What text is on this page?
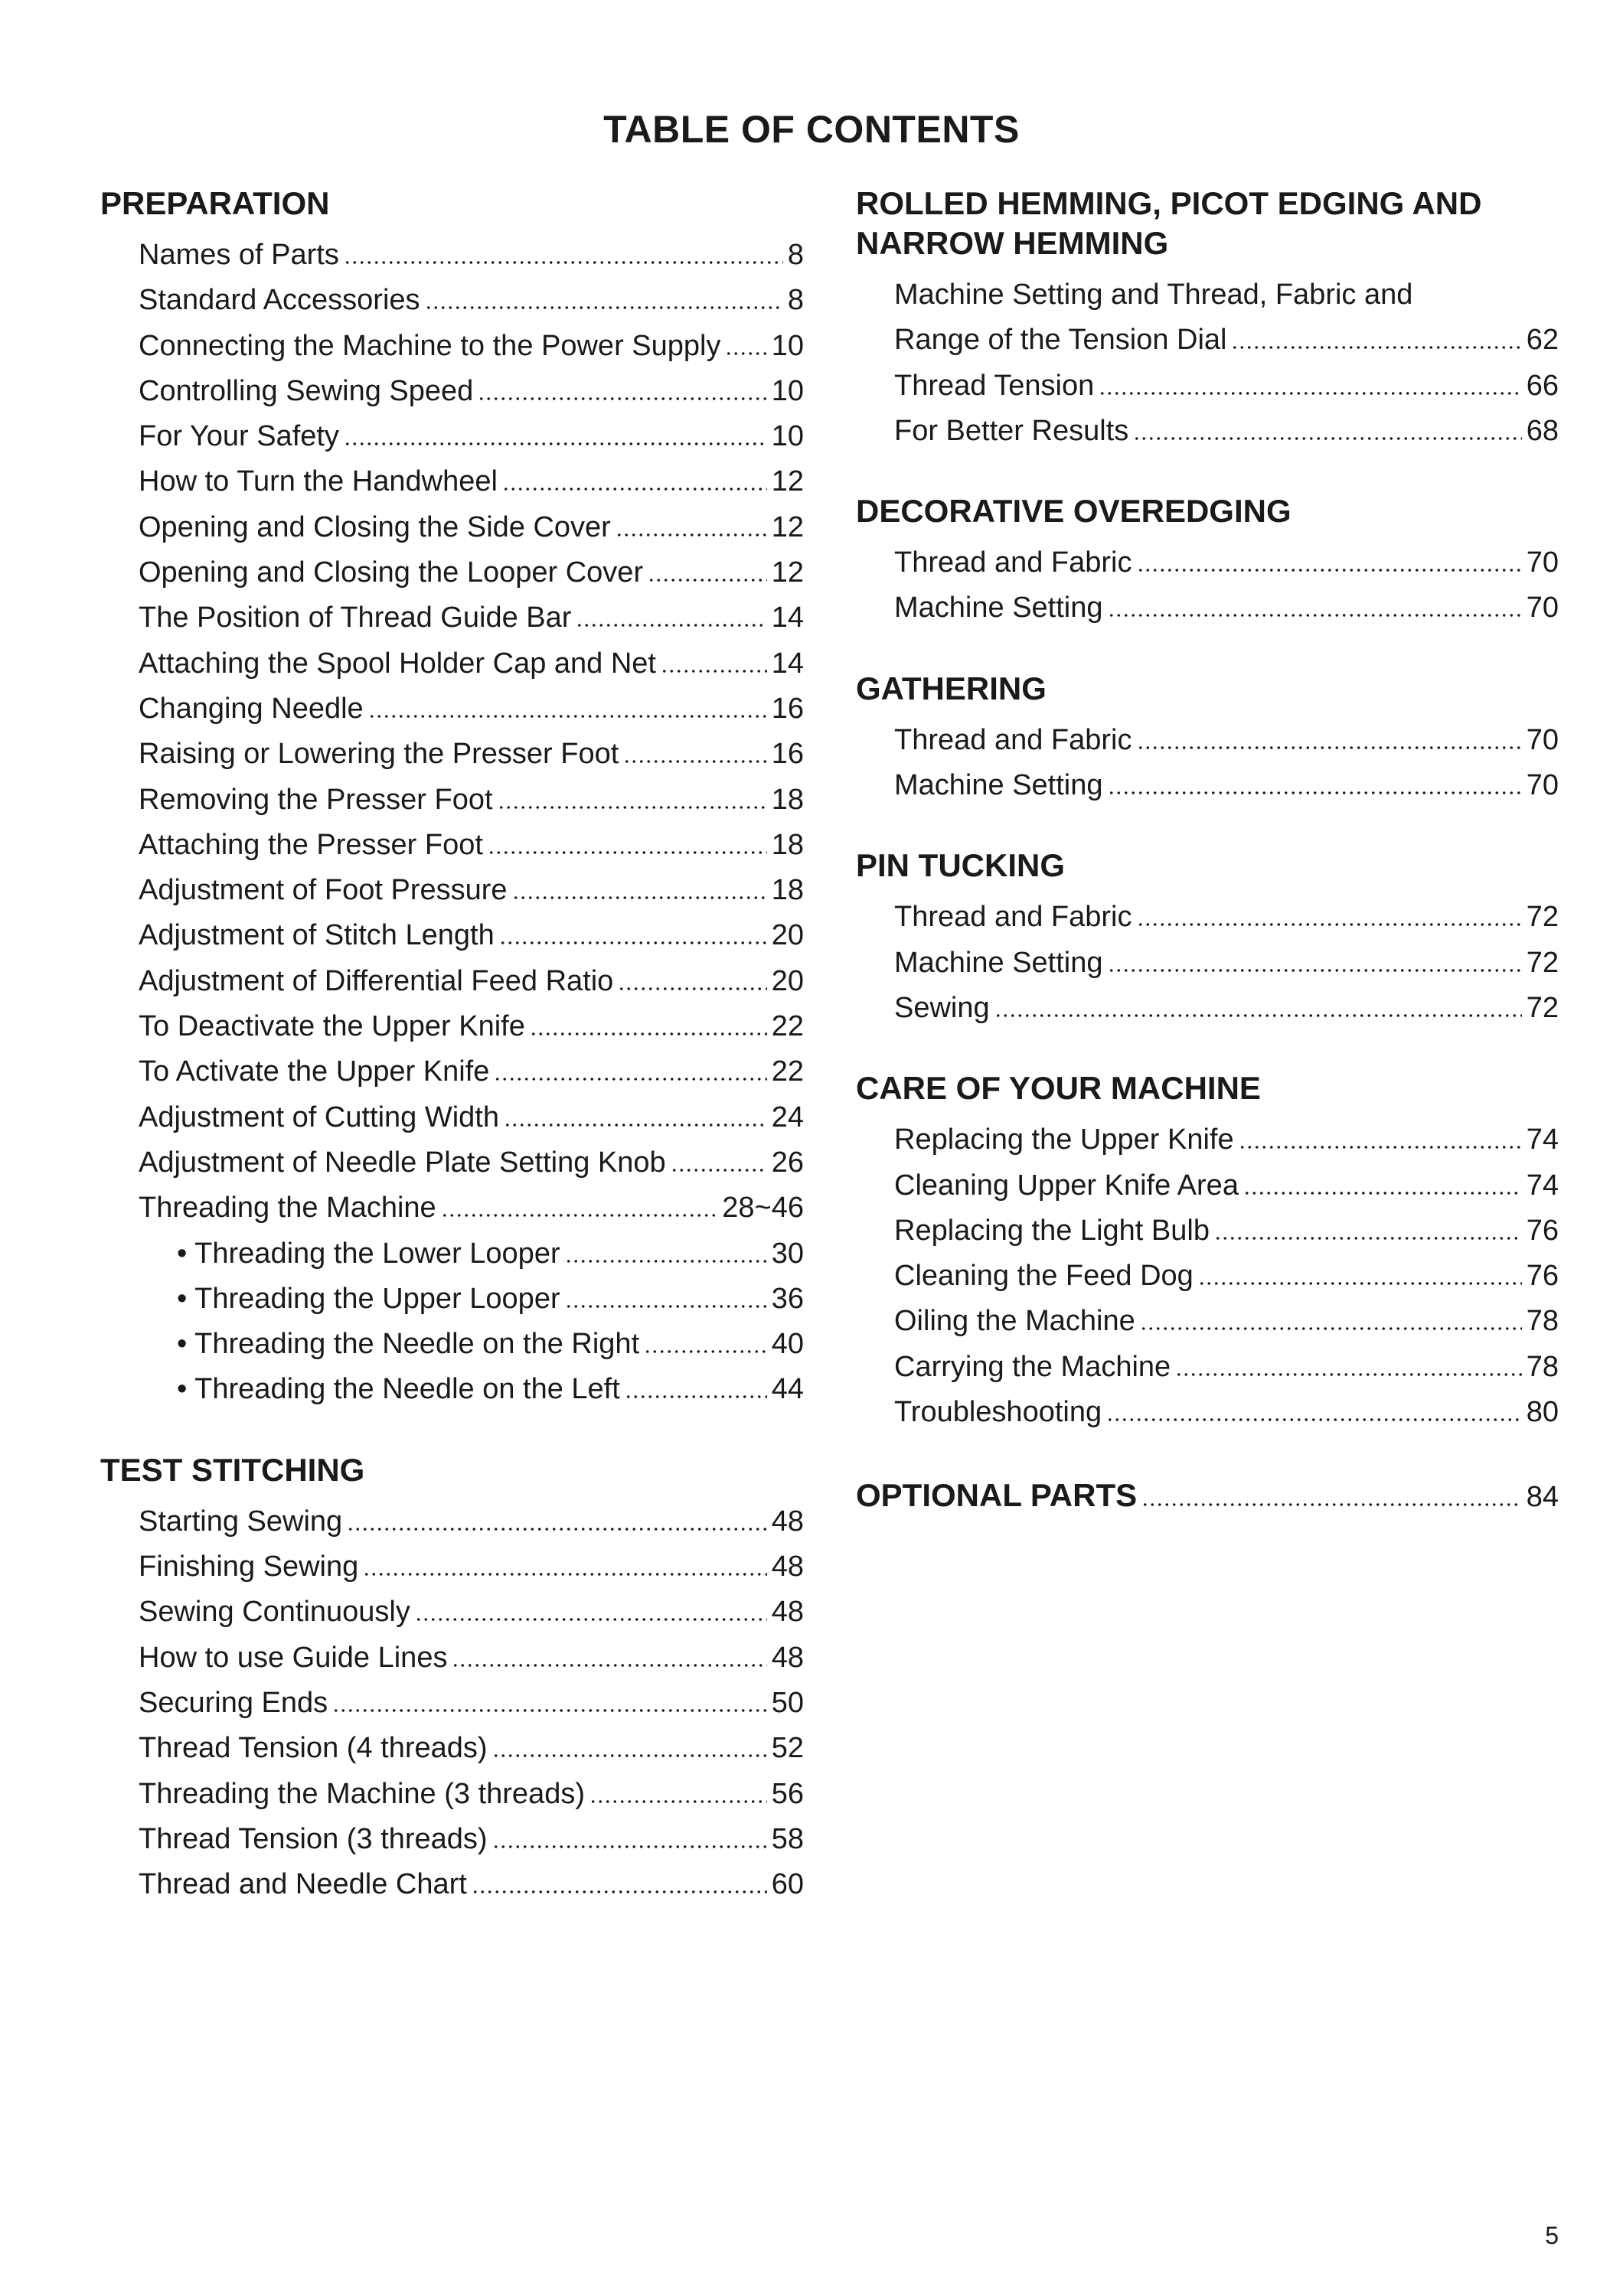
TABLE OF CONTENTS
PREPARATION
Names of Parts	8
Standard Accessories	8
Connecting the Machine to the Power Supply 10
Controlling Sewing Speed	10
For Your Safety	10
How to Turn the Handwheel	12
Opening and Closing the Side Cover	12
Opening and Closing the Looper Cover	12
The Position of Thread Guide Bar	14
Attaching the Spool Holder Cap and Net	14
Changing Needle	16
Raising or Lowering the Presser Foot	16
Removing the Presser Foot	18
Attaching the Presser Foot	18
Adjustment of Foot Pressure	18
Adjustment of Stitch Length	20
Adjustment of Differential Feed Ratio	20
To Deactivate the Upper Knife	22
To Activate the Upper Knife	22
Adjustment of Cutting Width	24
Adjustment of Needle Plate Setting Knob	26
Threading the Machine	28~46
• Threading the Lower Looper	30
• Threading the Upper Looper	36
• Threading the Needle on the Right	40
• Threading the Needle on the Left	44
TEST STITCHING
Starting Sewing	48
Finishing Sewing	48
Sewing Continuously	48
How to use Guide Lines	48
Securing Ends	50
Thread Tension (4 threads)	52
Threading the Machine (3 threads)	56
Thread Tension (3 threads)	58
Thread and Needle Chart	60
ROLLED HEMMING, PICOT EDGING AND NARROW HEMMING
Machine Setting and Thread, Fabric and
Range of the Tension Dial	62
Thread Tension	66
For Better Results	68
DECORATIVE OVEREDGING
Thread and Fabric	70
Machine Setting	70
GATHERING
Thread and Fabric	70
Machine Setting	70
PIN TUCKING
Thread and Fabric	72
Machine Setting	72
Sewing	72
CARE OF YOUR MACHINE
Replacing the Upper Knife	74
Cleaning Upper Knife Area	74
Replacing the Light Bulb	76
Cleaning the Feed Dog	76
Oiling the Machine	78
Carrying the Machine	78
Troubleshooting	80
OPTIONAL PARTS	84
5
